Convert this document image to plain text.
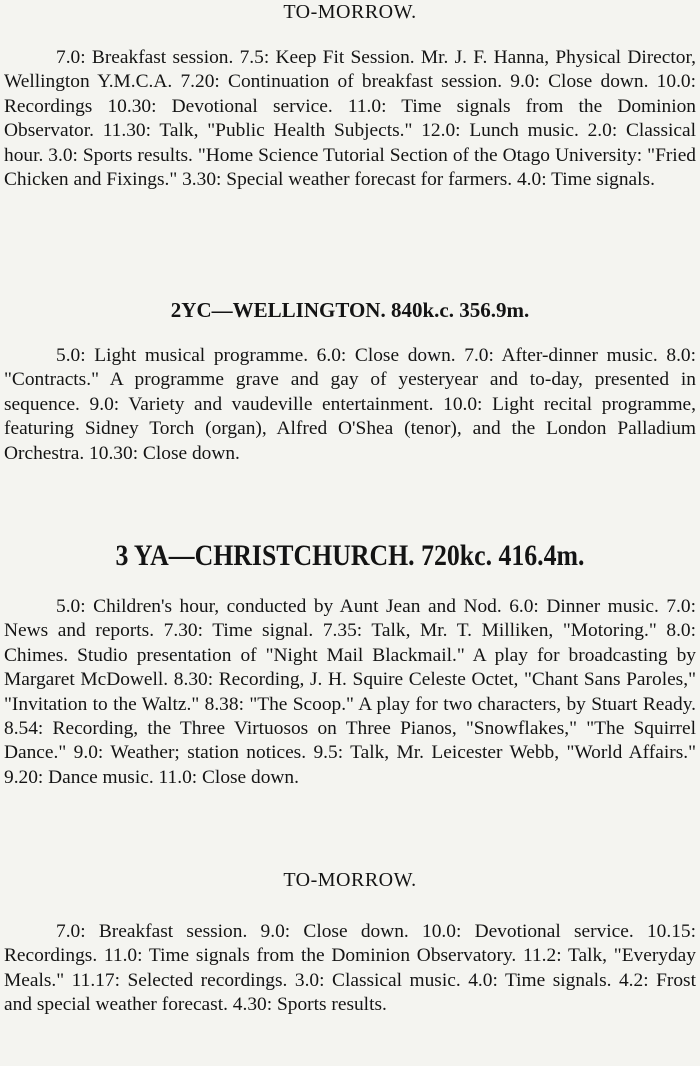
TO-MORROW.

7.0: Breakfast session. 7.5: Keep Fit Session. Mr. J. F. Hanna, Physical Director, Wellington Y.M.C.A. 7.20: Continuation of breakfast session. 9.0: Close down. 10.0: Recordings 10.30: Devotional service. 11.0: Time signals from the Dominion Observator. 11.30: Talk, "Public Health Subjects." 12.0: Lunch music. 2.0: Classical hour. 3.0: Sports results. "Home Science Tutorial Section of the Otago University: "Fried Chicken and Fixings." 3.30: Special weather forecast for farmers. 4.0: Time signals.

2YC—WELLINGTON. 840k.c. 356.9m.

5.0: Light musical programme. 6.0: Close down. 7.0: After-dinner music. 8.0: "Contracts." A programme grave and gay of yesteryear and to-day, presented in sequence. 9.0: Variety and vaudeville entertainment. 10.0: Light recital programme, featuring Sidney Torch (organ), Alfred O'Shea (tenor), and the London Palladium Orchestra. 10.30: Close down.

3 YA—CHRISTCHURCH. 720kc. 416.4m.

5.0: Children's hour, conducted by Aunt Jean and Nod. 6.0: Dinner music. 7.0: News and reports. 7.30: Time signal. 7.35: Talk, Mr. T. Milliken, "Motoring." 8.0: Chimes. Studio presentation of "Night Mail Blackmail." A play for broadcasting by Margaret McDowell. 8.30: Recording, J. H. Squire Celeste Octet, "Chant Sans Paroles," "Invitation to the Waltz." 8.38: "The Scoop." A play for two characters, by Stuart Ready. 8.54: Recording, the Three Virtuosos on Three Pianos, "Snowflakes," "The Squirrel Dance." 9.0: Weather; station notices. 9.5: Talk, Mr. Leicester Webb, "World Affairs." 9.20: Dance music. 11.0: Close down.

TO-MORROW.

7.0: Breakfast session. 9.0: Close down. 10.0: Devotional service. 10.15: Recordings. 11.0: Time signals from the Dominion Observatory. 11.2: Talk, "Everyday Meals." 11.17: Selected recordings. 3.0: Classical music. 4.0: Time signals. 4.2: Frost and special weather forecast. 4.30: Sports results.
